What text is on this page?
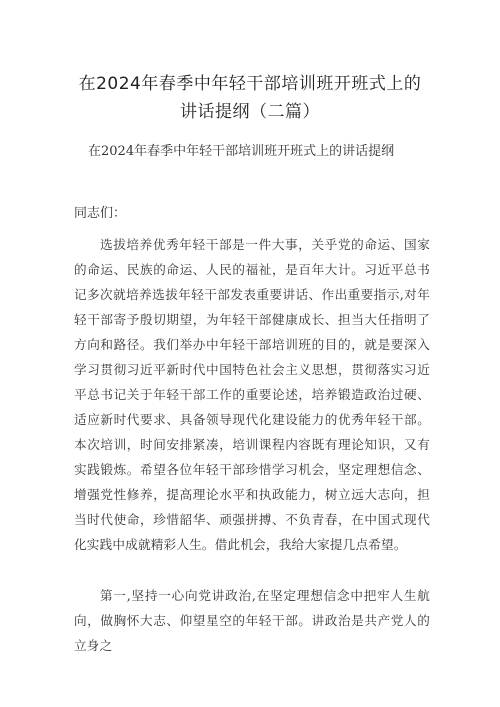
在2024年春季中年轻干部培训班开班式上的讲话提纲（二篇）
在2024年春季中年轻干部培训班开班式上的讲话提纲
同志们：
选拔培养优秀年轻干部是一件大事，关乎党的命运、国家的命运、民族的命运、人民的福祉，是百年大计。习近平总书记多次就培养选拔年轻干部发表重要讲话、作出重要指示,对年轻干部寄予殷切期望，为年轻干部健康成长、担当大任指明了方向和路径。我们举办中年轻干部培训班的目的，就是要深入学习贯彻习近平新时代中国特色社会主义思想，贯彻落实习近平总书记关于年轻干部工作的重要论述，培养锻造政治过硬、适应新时代要求、具备领导现代化建设能力的优秀年轻干部。本次培训，时间安排紧凑，培训课程内容既有理论知识，又有实践锻炼。希望各位年轻干部珍惜学习机会，坚定理想信念、增强党性修养，提高理论水平和执政能力，树立远大志向，担当时代使命，珍惜韶华、顽强拼搏、不负青春，在中国式现代化实践中成就精彩人生。借此机会，我给大家提几点希望。
第一,坚持一心向党讲政治,在坚定理想信念中把牢人生航向，做胸怀大志、仰望星空的年轻干部。讲政治是共产党人的立身之
